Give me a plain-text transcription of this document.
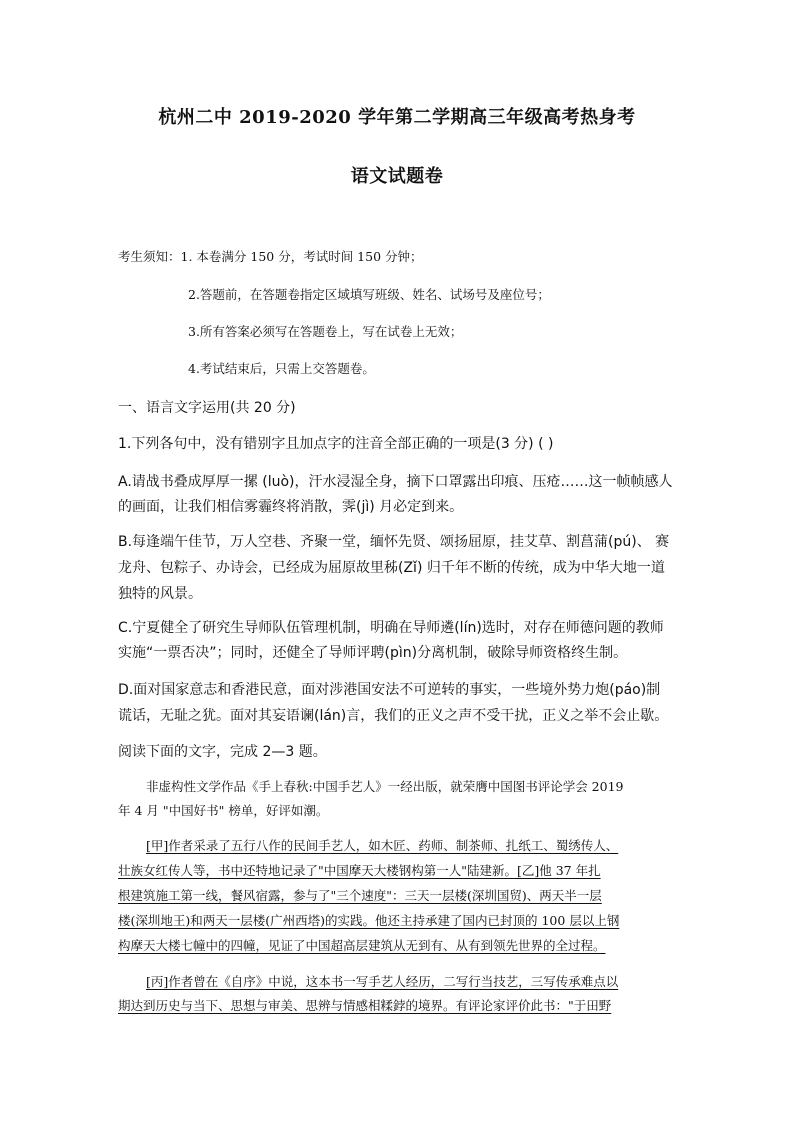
杭州二中 2019-2020 学年第二学期高三年级高考热身考
语文试题卷
考生须知：1. 本卷满分 150 分，考试时间 150 分钟；
2.答题前，在答题卷指定区域填写班级、姓名、试场号及座位号；
3.所有答案必须写在答题卷上，写在试卷上无效；
4.考试结束后，只需上交答题卷。
一、语言文字运用(共 20 分)
1.下列各句中，没有错别字且加点字的注音全部正确的一项是(3 分) ( )
A.请战书叠成厚厚一摞 (luò)，汗水浸湿全身，摘下口罩露出印痕、压疮……这一帧帧感人
的画面，让我们相信雾霾终将消散，霁(jì) 月必定到来。
B.每逢端午佳节，万人空巷、齐聚一堂，缅怀先贤、颂扬屈原，挂艾草、割菖蒲(pú)、 赛
龙舟、包粽子、办诗会，已经成为屈原故里秭(Zǐ) 归千年不断的传统，成为中华大地一道
独特的风景。
C.宁夏健全了研究生导师队伍管理机制，明确在导师遴(lín)选时，对存在师德问题的教师
实施“一票否决”；同时，还健全了导师评聘(pìn)分离机制，破除导师资格终生制。
D.面对国家意志和香港民意，面对涉港国安法不可逆转的事实，一些境外势力炮(páo)制
谎话，无耻之犹。面对其妄语谰(lán)言，我们的正义之声不受干扰，正义之举不会止歇。
阅读下面的文字，完成 2—3 题。
非虚构性文学作品《手上春秋:中国手艺人》一经出版，就荣膺中国图书评论学会 2019
年 4 月 "中国好书" 榜单，好评如潮。
[甲]作者采录了五行八作的民间手艺人，如木匠、药师、制茶师、扎纸工、蜀绣传人、
壮族女红传人等，书中还特地记录了"中国摩天大楼钢构第一人"陆建新。[乙]他 37 年扎
根建筑施工第一线，餐风宿露，参与了"三个速度"：三天一层楼(深圳国贸)、两天半一层
楼(深圳地王)和两天一层楼(广州西塔)的实践。他还主持承建了国内已封顶的 100 层以上钢
构摩天大楼七幢中的四幢，见证了中国超高层建筑从无到有、从有到领先世界的全过程。
[丙]作者曾在《自序》中说，这本书一写手艺人经历，二写行当技艺，三写传承难点以
期达到历史与当下、思想与审美、思辨与情感相糅鋍的境界。有评论家评价此书："于田野
